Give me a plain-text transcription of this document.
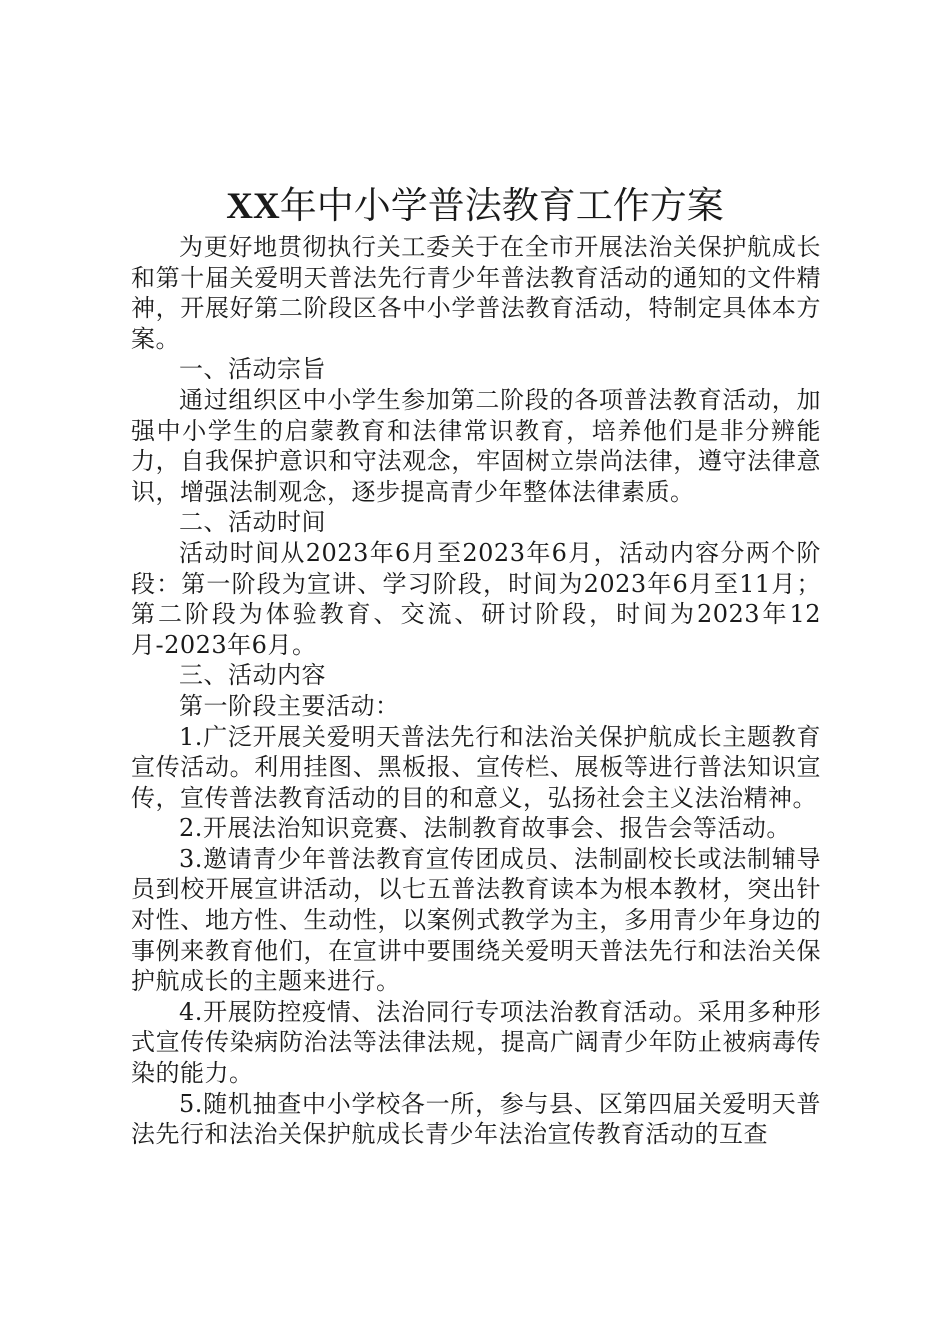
XX年中小学普法教育工作方案

为更好地贯彻执行关工委关于在全市开展法治关保护航成长和第十届关爱明天普法先行青少年普法教育活动的通知的文件精神，开展好第二阶段区各中小学普法教育活动，特制定具体本方案。

一、活动宗旨

通过组织区中小学生参加第二阶段的各项普法教育活动，加强中小学生的启蒙教育和法律常识教育，培养他们是非分辨能力，自我保护意识和守法观念，牢固树立崇尚法律，遵守法律意识，增强法制观念，逐步提高青少年整体法律素质。

二、活动时间

活动时间从2023年6月至2023年6月，活动内容分两个阶段：第一阶段为宣讲、学习阶段，时间为2023年6月至11月；第二阶段为体验教育、交流、研讨阶段，时间为2023年12月-2023年6月。

三、活动内容

第一阶段主要活动：

1.广泛开展关爱明天普法先行和法治关保护航成长主题教育宣传活动。利用挂图、黑板报、宣传栏、展板等进行普法知识宣传，宣传普法教育活动的目的和意义，弘扬社会主义法治精神。

2.开展法治知识竞赛、法制教育故事会、报告会等活动。

3.邀请青少年普法教育宣传团成员、法制副校长或法制辅导员到校开展宣讲活动，以七五普法教育读本为根本教材，突出针对性、地方性、生动性，以案例式教学为主，多用青少年身边的事例来教育他们，在宣讲中要围绕关爱明天普法先行和法治关保护航成长的主题来进行。

4.开展防控疫情、法治同行专项法治教育活动。采用多种形式宣传传染病防治法等法律法规，提高广阔青少年防止被病毒传染的能力。

5.随机抽查中小学校各一所，参与县、区第四届关爱明天普法先行和法治关保护航成长青少年法治宣传教育活动的互查
